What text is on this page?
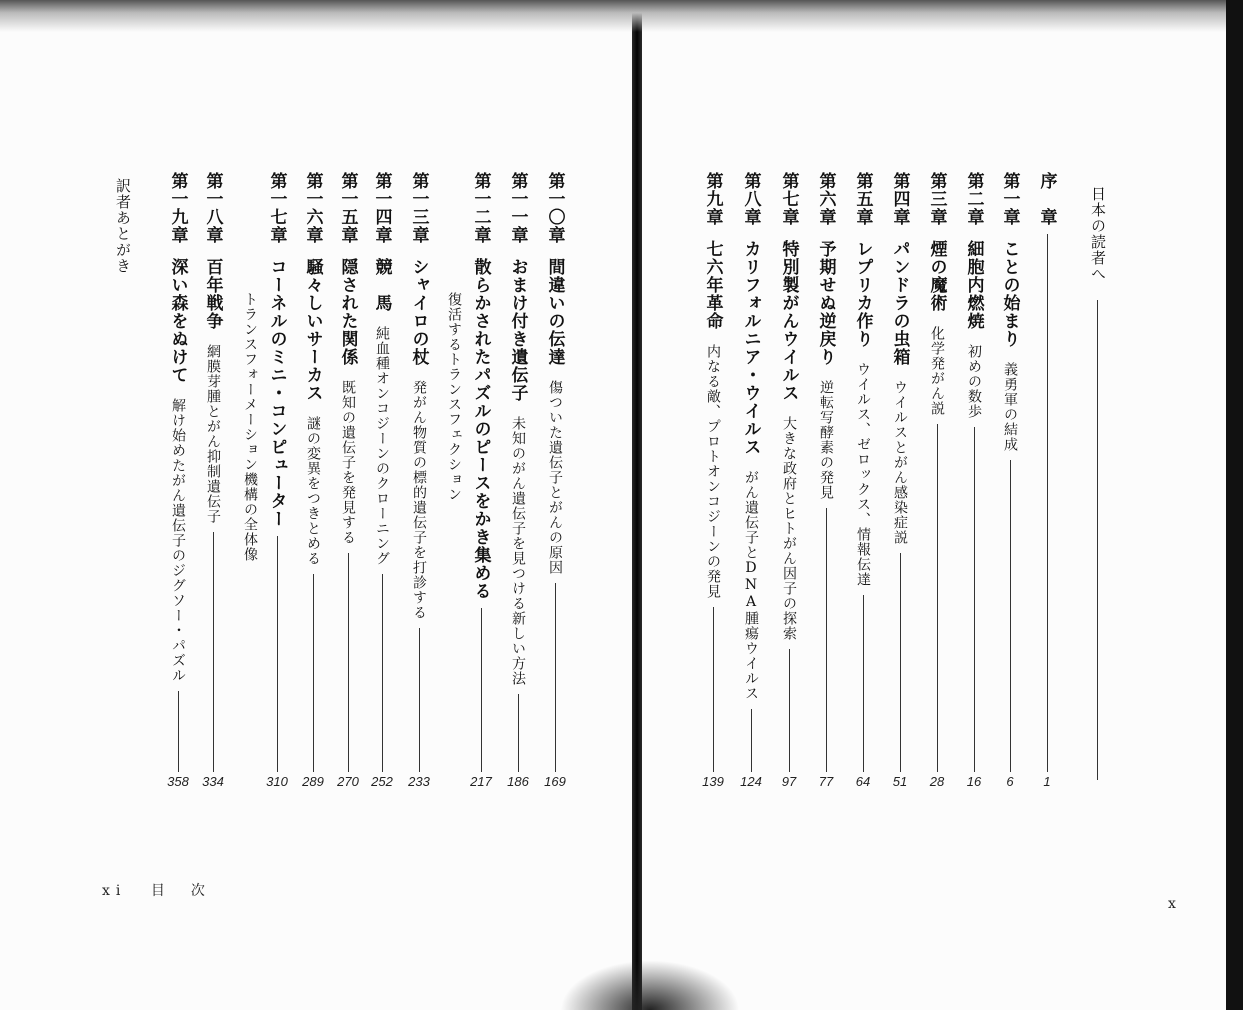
第一〇章
間違いの伝達
傷ついた遺伝子とがんの原因
169
第一一章
おまけ付き遺伝子
未知のがん遺伝子を見つける新しい方法
186
第一二章
散らかされたパズルのピースをかき集める
217
復活するトランスフェクション
第一三章
シャイロの杖
発がん物質の標的遺伝子を打診する
233
第一四章
競　馬
純血種オンコジーンのクローニング
252
第一五章
隠された関係
既知の遺伝子を発見する
270
第一六章
騒々しいサーカス
謎の変異をつきとめる
289
第一七章
コーネルのミニ・コンピューター
310
トランスフォーメーション機構の全体像
第一八章
百年戦争
網膜芽腫とがん抑制遺伝子
334
第一九章
深い森をぬけて
解け始めたがん遺伝子のジグソー・パズル
358
訳者あとがき
xi 目　次
日本の読者へ
序　章
1
第一章
ことの始まり
義勇軍の結成
6
第二章
細胞内燃焼
初めの数歩
16
第三章
煙の魔術
化学発がん説
28
第四章
パンドラの虫箱
ウイルスとがん感染症説
51
第五章
レプリカ作り
ウイルス、ゼロックス、情報伝達
64
第六章
予期せぬ逆戻り
逆転写酵素の発見
77
第七章
特別製がんウイルス
大きな政府とヒトがん因子の探索
97
第八章
カリフォルニア・ウイルス
がん遺伝子とDNA腫瘍ウイルス
124
第九章
七六年革命
内なる敵、プロトオンコジーンの発見
139
x
